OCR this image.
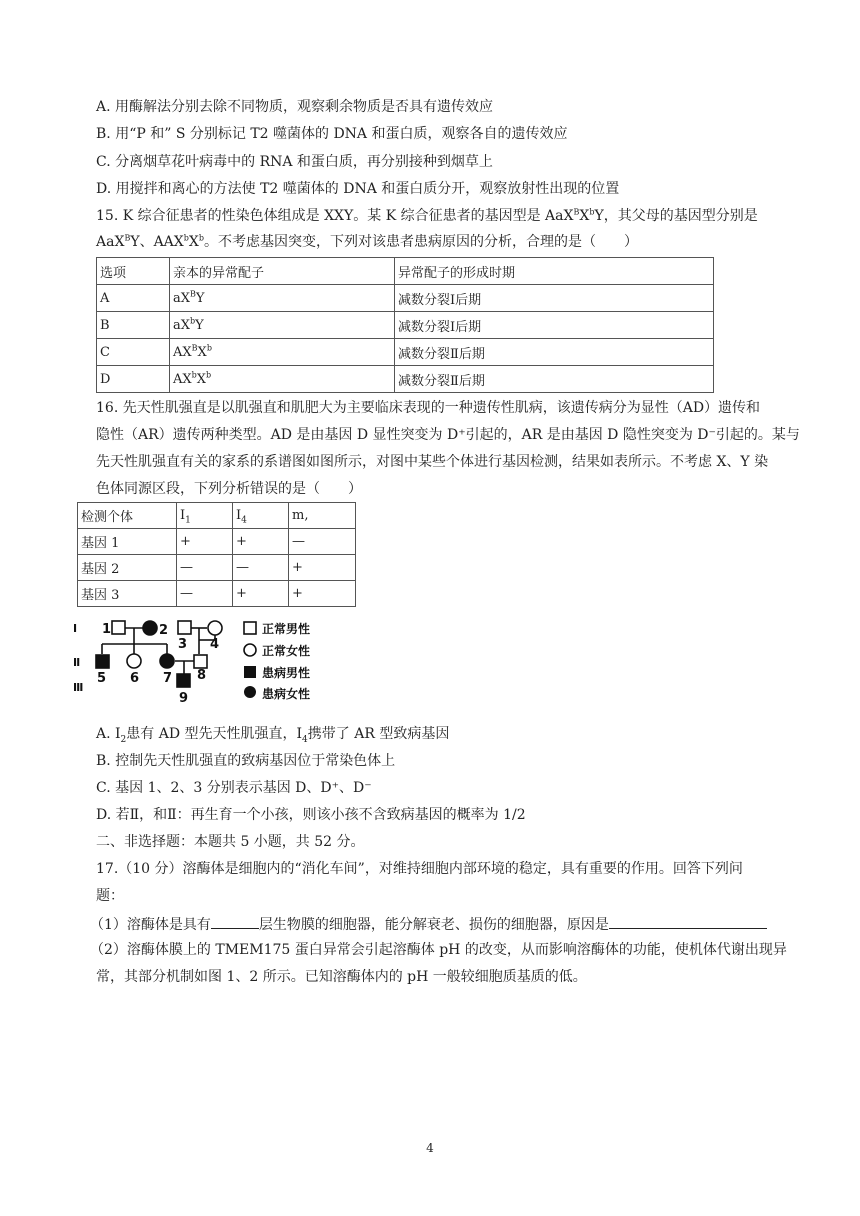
A. 用酶解法分别去除不同物质，观察剩余物质是否具有遗传效应
B. 用“P 和” S 分别标记 T2 噬菌体的 DNA 和蛋白质，观察各自的遗传效应
C. 分离烟草花叶病毒中的 RNA 和蛋白质，再分别接种到烟草上
D. 用搅拌和离心的方法使 T2 噬菌体的 DNA 和蛋白质分开，观察放射性出现的位置
15. K 综合征患者的性染色体组成是 XXY。某 K 综合征患者的基因型是 $AaX^BX^bY$，其父母的基因型分别是
AaX$^B$Y、$AAX^bX^b$。不考虑基因突变，下列对该患者患病原因的分析，合理的是（　　）
选项	亲本的异常配子	异常配子的形成时期
A	$aX^BY$	减数分裂Ⅰ后期
B	$aX^bY$	减数分裂Ⅰ后期
C	$AX^BX^b$	减数分裂Ⅱ后期
D	$AX^bX^b$	减数分裂Ⅱ后期
16. 先天性肌强直是以肌强直和肌肥大为主要临床表现的一种遗传性肌病，该遗传病分为显性（AD）遗传和
隐性（AR）遗传两种类型。AD 是由基因 D 显性突变为 D⁺引起的，AR 是由基因 D 隐性突变为 D⁻引起的。某与
先天性肌强直有关的家系的系谱图如图所示，对图中某些个体进行基因检测，结果如表所示。不考虑 X、Y 染
色体同源区段，下列分析错误的是（　　）
检测个体	$I_1$	$I_4$	m,
基因 1	+	+	—
基因 2	—	—	+
基因 3	—	+	+
I
Ⅱ
Ⅲ
1	2
3 4
5 6 7 8
9
正常男性
正常女性
患病男性
患病女性
A. $I_2$患有 AD 型先天性肌强直，$I_4$携带了 AR 型致病基因
B. 控制先天性肌强直的致病基因位于常染色体上
C. 基因 1、2、3 分别表示基因 D、D⁺、D⁻
D. 若Ⅱ，和Ⅱ：再生育一个小孩，则该小孩不含致病基因的概率为 1/2
二、非选择题：本题共 5 小题，共 52 分。
17.（10 分）溶酶体是细胞内的“消化车间”，对维持细胞内部环境的稳定，具有重要的作用。回答下列问
题：
（1）溶酶体是具有	层生物膜的细胞器，能分解衰老、损伤的细胞器，原因是
（2）溶酶体膜上的 TMEM175 蛋白异常会引起溶酶体 pH 的改变，从而影响溶酶体的功能，使机体代谢出现异
常，其部分机制如图 1、2 所示。已知溶酶体内的 pH 一般较细胞质基质的低。
4
